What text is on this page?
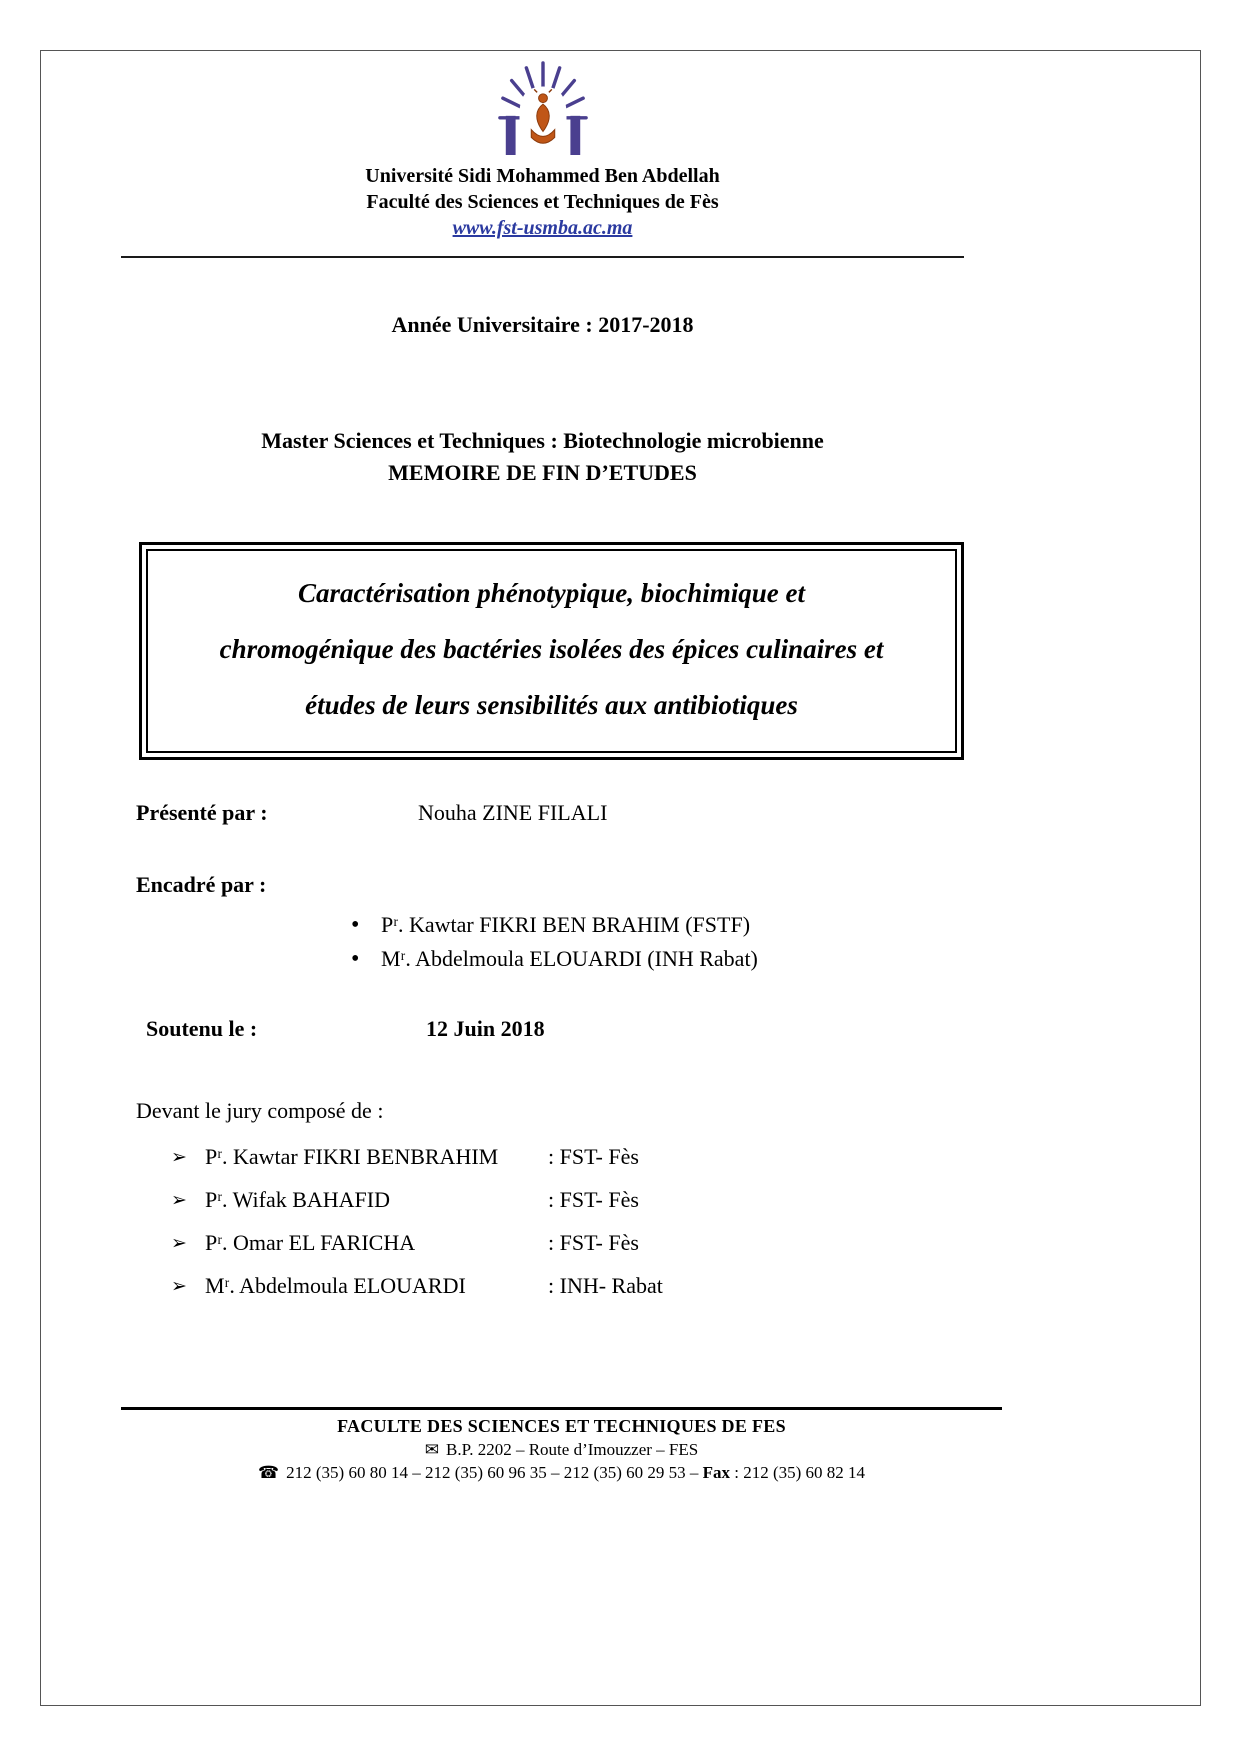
Université Sidi Mohammed Ben Abdellah
Faculté des Sciences et Techniques de Fès
www.fst-usmba.ac.ma
Année Universitaire : 2017-2018
Master Sciences et Techniques : Biotechnologie microbienne
MEMOIRE DE FIN D’ETUDES
Caractérisation phénotypique, biochimique et
chromogénique des bactéries isolées des épices culinaires et
études de leurs sensibilités aux antibiotiques
Présenté par :	Nouha ZINE FILALI
Encadré par :
• Pʳ. Kawtar FIKRI BEN BRAHIM (FSTF)
• Mʳ. Abdelmoula ELOUARDI (INH Rabat)
Soutenu le :	12 Juin 2018
Devant le jury composé de :
➢ Pʳ. Kawtar FIKRI BENBRAHIM	: FST- Fès
➢ Pʳ. Wifak BAHAFID	: FST- Fès
➢ Pʳ. Omar EL FARICHA	: FST- Fès
➢ Mʳ. Abdelmoula ELOUARDI	: INH- Rabat
FACULTE DES SCIENCES ET TECHNIQUES DE FES
✉ B.P. 2202 – Route d’Imouzzer – FES
☎ 212 (35) 60 80 14 – 212 (35) 60 96 35 – 212 (35) 60 29 53 – Fax : 212 (35) 60 82 14
